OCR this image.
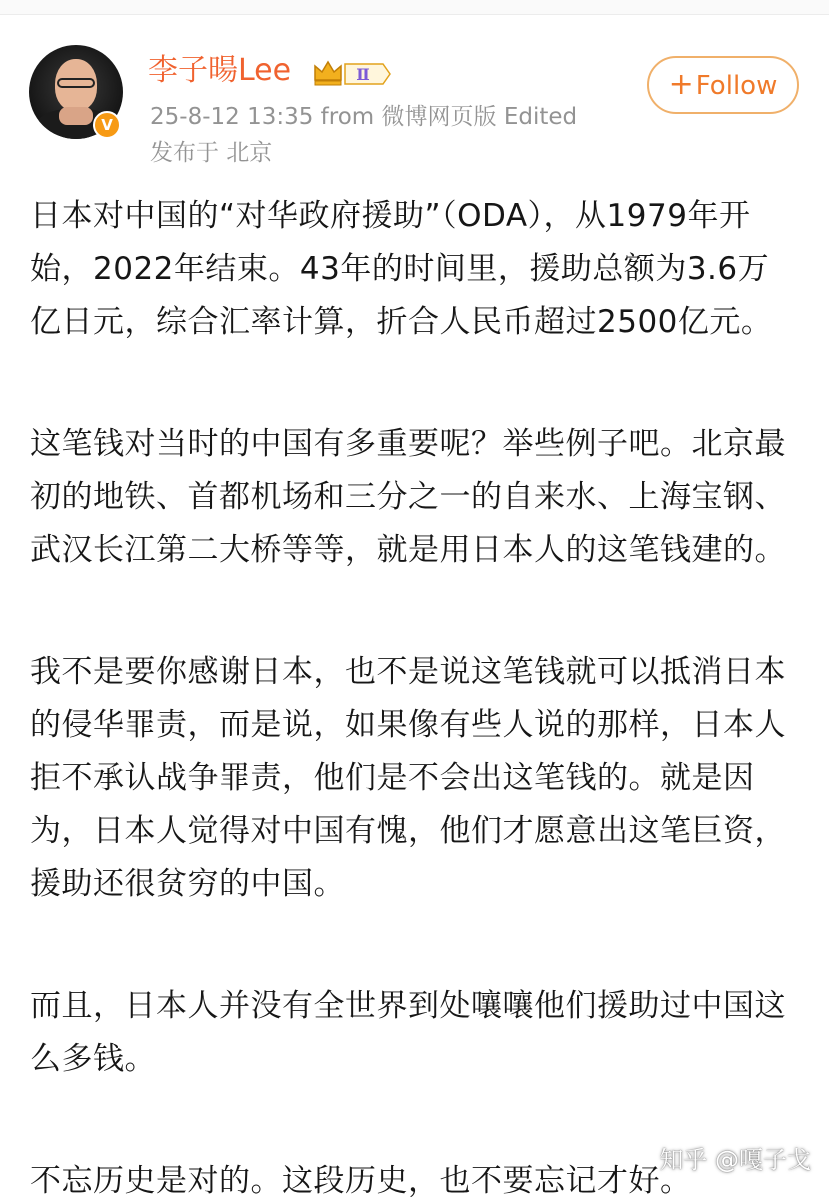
V
李子暘Lee	Ⅱ
25-8-12 13:35 from 微博网页版 Edited
发布于 北京
+Follow

日本对中国的“对华政府援助”（ODA），从1979年开始，2022年结束。43年的时间里，援助总额为3.6万亿日元，综合汇率计算，折合人民币超过2500亿元。

这笔钱对当时的中国有多重要呢？举些例子吧。北京最初的地铁、首都机场和三分之一的自来水、上海宝钢、武汉长江第二大桥等等，就是用日本人的这笔钱建的。

我不是要你感谢日本，也不是说这笔钱就可以抵消日本的侵华罪责，而是说，如果像有些人说的那样，日本人拒不承认战争罪责，他们是不会出这笔钱的。就是因为，日本人觉得对中国有愧，他们才愿意出这笔巨资，援助还很贫穷的中国。

而且，日本人并没有全世界到处嚷嚷他们援助过中国这么多钱。

不忘历史是对的。这段历史，也不要忘记才好。

知乎 @嘎子戈
